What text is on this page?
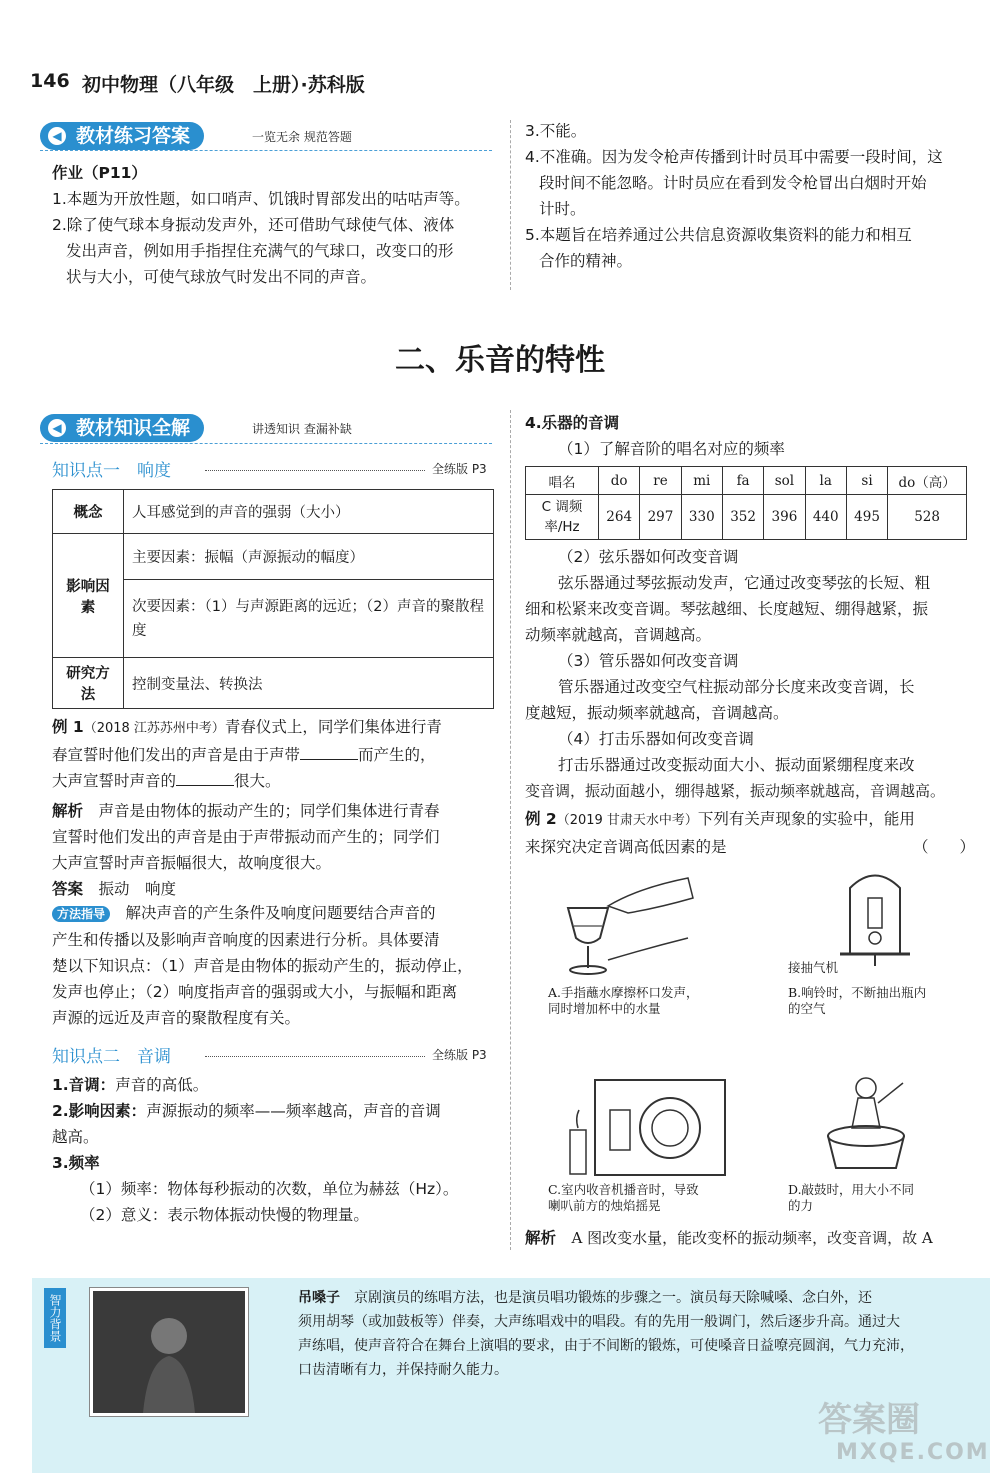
146 初中物理（八年级　上册）·苏科版
◀ 教材练习答案	一览无余 规范答题
作业（P11）
1.本题为开放性题，如口哨声、饥饿时胃部发出的咕咕声等。
2.除了使气球本身振动发声外，还可借助气球使气体、液体
发出声音，例如用手指捏住充满气的气球口，改变口的形
状与大小，可使气球放气时发出不同的声音。
3.不能。
4.不准确。因为发令枪声传播到计时员耳中需要一段时间，这
段时间不能忽略。计时员应在看到发令枪冒出白烟时开始
计时。
5.本题旨在培养通过公共信息资源收集资料的能力和相互
合作的精神。
二、乐音的特性
◀ 教材知识全解	讲透知识 查漏补缺
知识点一　响度	全练版 P3
概念	人耳感觉到的声音的强弱（大小）
影响因素	主要因素：振幅（声源振动的幅度）
	次要因素：（1）与声源距离的远近；（2）声音的聚散程度
研究方法	控制变量法、转换法
例 1（2018 江苏苏州中考）青春仪式上，同学们集体进行青
春宣誓时他们发出的声音是由于声带	而产生的，
大声宣誓时声音的	很大。
解析　 声音是由物体的振动产生的；同学们集体进行青春
宣誓时他们发出的声音是由于声带振动而产生的；同学们
大声宣誓时声音振幅很大，故响度很大。
答案　 振动　响度
方法指导　 解决声音的产生条件及响度问题要结合声音的
产生和传播以及影响声音响度的因素进行分析。具体要清
楚以下知识点：（1）声音是由物体的振动产生的，振动停止，
发声也停止；（2）响度指声音的强弱或大小，与振幅和距离
声源的远近及声音的聚散程度有关。
知识点二　音调	全练版 P3
1.音调：声音的高低。
2.影响因素：声源振动的频率——频率越高，声音的音调
越高。
3.频率
（1）频率：物体每秒振动的次数，单位为赫兹（Hz）。
（2）意义：表示物体振动快慢的物理量。
4.乐器的音调
（1）了解音阶的唱名对应的频率
唱名	do	re	mi	fa	sol	la	si	do（高）

C 调频
率/Hz	264	297	330	352	396	440	495	528
（2）弦乐器如何改变音调
弦乐器通过琴弦振动发声，它通过改变琴弦的长短、粗
细和松紧来改变音调。琴弦越细、长度越短、绷得越紧，振
动频率就越高，音调越高。
（3）管乐器如何改变音调
管乐器通过改变空气柱振动部分长度来改变音调，长
度越短，振动频率就越高，音调越高。
（4）打击乐器如何改变音调
打击乐器通过改变振动面大小、振动面紧绷程度来改
变音调，振动面越小，绷得越紧，振动频率就越高，音调越高。
例 2（2019 甘肃天水中考）下列有关声现象的实验中，能用
来探究决定音调高低因素的是	（　　）
A.手指蘸水摩擦杯口发声，
同时增加杯中的水量
接抽气机
B.响铃时，不断抽出瓶内
的空气
C.室内收音机播音时，导致
喇叭前方的烛焰摇晃
D.敲鼓时，用大小不同
的力
解析　 A 图改变水量，能改变杯的振动频率，改变音调，故 A
智力背景	吊嗓子　 京剧演员的练唱方法，也是演员唱功锻炼的步骤之一。演员每天除喊嗓、念白外，还
须用胡琴（或加鼓板等）伴奏，大声练唱戏中的唱段。有的先用一般调门，然后逐步升高。通过大
声练唱，使声音符合在舞台上演唱的要求，由于不间断的锻炼，可使嗓音日益嘹亮圆润，气力充沛，
口齿清晰有力，并保持耐久能力。
答案圈
MXQE.COM
